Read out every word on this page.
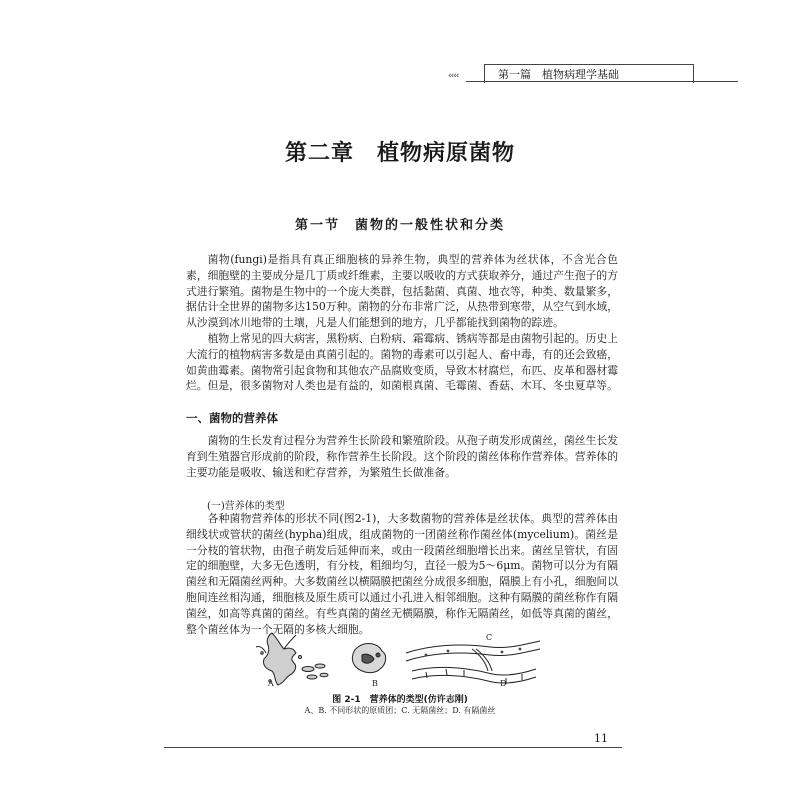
‹‹‹‹	第一篇　植物病理学基础
第二章　植物病原菌物
第一节　菌物的一般性状和分类

菌物(fungi)是指具有真正细胞核的异养生物，典型的营养体为丝状体，不含光合色素，细胞壁的主要成分是几丁质或纤维素，主要以吸收的方式获取养分，通过产生孢子的方式进行繁殖。菌物是生物中的一个庞大类群，包括黏菌、真菌、地衣等，种类、数量繁多，据估计全世界的菌物多达150万种。菌物的分布非常广泛，从热带到寒带，从空气到水域，从沙漠到冰川地带的土壤，凡是人们能想到的地方，几乎都能找到菌物的踪迹。

植物上常见的四大病害，黑粉病、白粉病、霜霉病、锈病等都是由菌物引起的。历史上大流行的植物病害多数是由真菌引起的。菌物的毒素可以引起人、畜中毒，有的还会致癌，如黄曲霉素。菌物常引起食物和其他农产品腐败变质，导致木材腐烂，布匹、皮革和器材霉烂。但是，很多菌物对人类也是有益的，如菌根真菌、毛霉菌、香菇、木耳、冬虫夏草等。

一、菌物的营养体

菌物的生长发育过程分为营养生长阶段和繁殖阶段。从孢子萌发形成菌丝，菌丝生长发育到生殖器官形成前的阶段，称作营养生长阶段。这个阶段的菌丝体称作营养体。营养体的主要功能是吸收、输送和贮存营养，为繁殖生长做准备。

(一)营养体的类型

各种菌物营养体的形状不同(图2-1)，大多数菌物的营养体是丝状体。典型的营养体由细线状或管状的菌丝(hypha)组成，组成菌物的一团菌丝称作菌丝体(mycelium)。菌丝是一分枝的管状物，由孢子萌发后延伸而来，或由一段菌丝细胞增长出来。菌丝呈管状，有固定的细胞壁，大多无色透明，有分枝，粗细均匀，直径一般为5～6μm。菌物可以分为有隔菌丝和无隔菌丝两种。大多数菌丝以横隔膜把菌丝分成很多细胞，隔膜上有小孔，细胞间以胞间连丝相沟通，细胞核及原生质可以通过小孔进入相邻细胞。这种有隔膜的菌丝称作有隔菌丝，如高等真菌的菌丝。有些真菌的菌丝无横隔膜，称作无隔菌丝，如低等真菌的菌丝，整个菌丝体为一个无隔的多核大细胞。

A	B
C
D
图 2-1　营养体的类型(仿许志刚)
A、B. 不同形状的原质团；C. 无隔菌丝；D. 有隔菌丝
11
